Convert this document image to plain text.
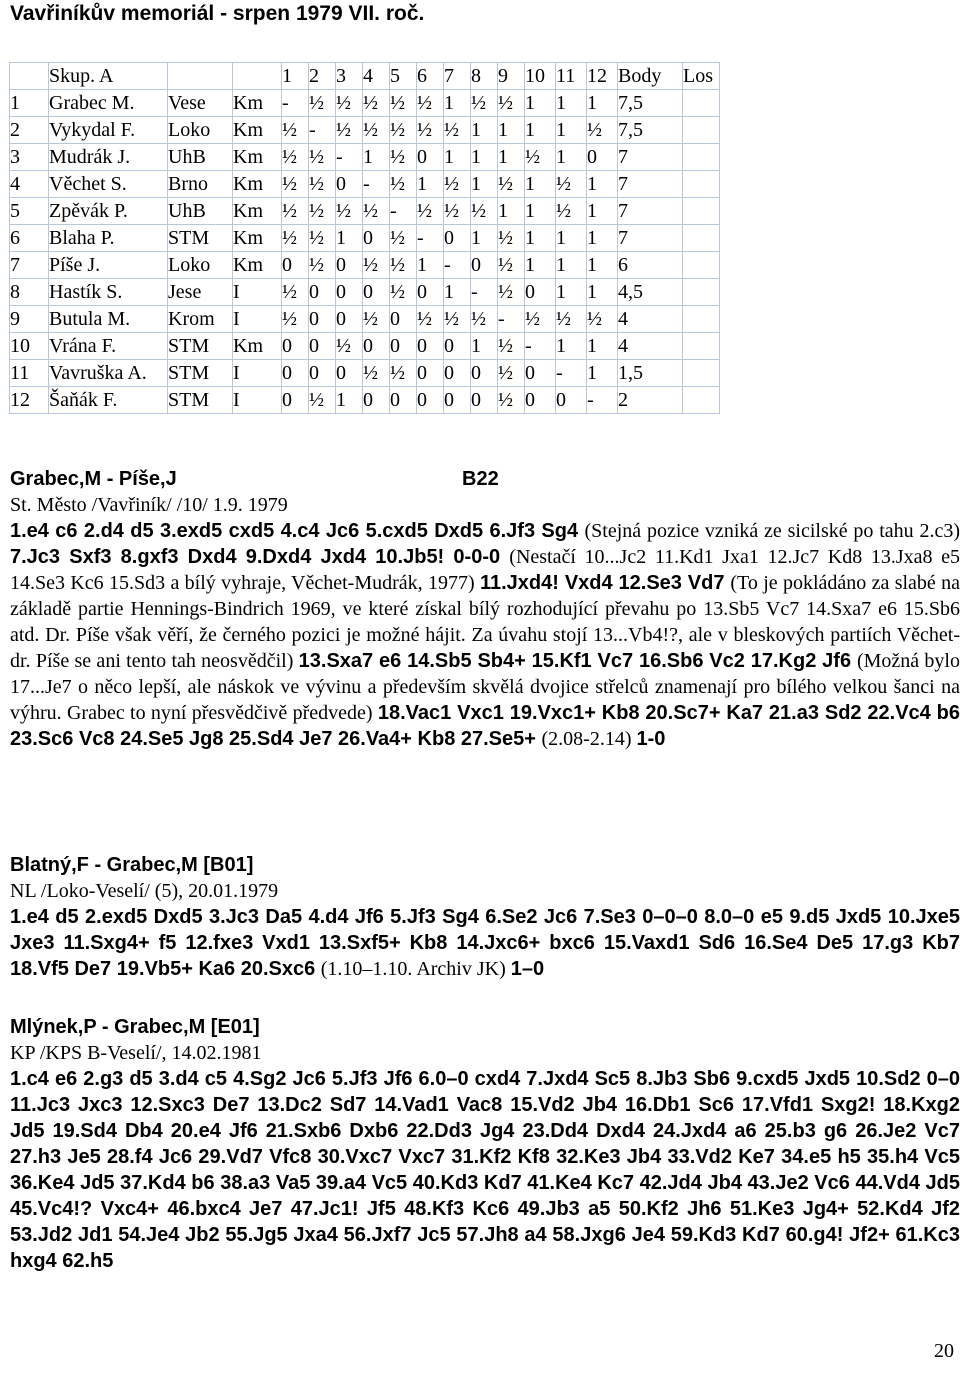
Vavřiníkův memoriál - srpen 1979 VII. roč.
	Skup. A			1	2	3	4	5	6	7	8	9	10	11	12	Body	Los
1	Grabec M.	Vese	Km	-	½	½	½	½	½	1	½	½	1	1	1	7,5	
2	Vykydal F.	Loko	Km	½	-	½	½	½	½	½	1	1	1	1	½	7,5	
3	Mudrák J.	UhB	Km	½	½	-	1	½	0	1	1	1	½	1	0	7	
4	Věchet S.	Brno	Km	½	½	0	-	½	1	½	1	½	1	½	1	7	
5	Zpěvák P.	UhB	Km	½	½	½	½	-	½	½	½	1	1	½	1	7	
6	Blaha P.	STM	Km	½	½	1	0	½	-	0	1	½	1	1	1	7	
7	Píše J.	Loko	Km	0	½	0	½	½	1	-	0	½	1	1	1	6	
8	Hastík S.	Jese	I	½	0	0	0	½	0	1	-	½	0	1	1	4,5	
9	Butula M.	Krom	I	½	0	0	½	0	½	½	½	-	½	½	½	4	
10	Vrána F.	STM	Km	0	0	½	0	0	0	0	1	½	-	1	1	4	
11	Vavruška A.	STM	I	0	0	0	½	½	0	0	0	½	0	-	1	1,5	
12	Šaňák F.	STM	I	0	½	1	0	0	0	0	0	½	0	0	-	2	
Grabec,M - Píše,J	B22
St. Město /Vavřiník/ /10/ 1.9. 1979
1.e4 c6 2.d4 d5 3.exd5 cxd5 4.c4 Jc6 5.cxd5 Dxd5 6.Jf3 Sg4 (Stejná pozice vzniká ze sicilské po tahu 2.c3) 7.Jc3 Sxf3 8.gxf3 Dxd4 9.Dxd4 Jxd4 10.Jb5! 0-0-0 (Nestačí 10...Jc2 11.Kd1 Jxa1 12.Jc7 Kd8 13.Jxa8 e5 14.Se3 Kc6 15.Sd3 a bílý vyhraje, Věchet-Mudrák, 1977) 11.Jxd4! Vxd4 12.Se3 Vd7 (To je pokládáno za slabé na základě partie Hennings-Bindrich 1969, ve které získal bílý rozhodující převahu po 13.Sb5 Vc7 14.Sxa7 e6 15.Sb6 atd. Dr. Píše však věří, že černého pozici je možné hájit. Za úvahu stojí 13...Vb4!?, ale v bleskových partiích Věchet-dr. Píše se ani tento tah neosvědčil) 13.Sxa7 e6 14.Sb5 Sb4+ 15.Kf1 Vc7 16.Sb6 Vc2 17.Kg2 Jf6 (Možná bylo 17...Je7 o něco lepší, ale náskok ve vývinu a především skvělá dvojice střelců znamenají pro bílého velkou šanci na výhru. Grabec to nyní přesvědčivě předvede) 18.Vac1 Vxc1 19.Vxc1+ Kb8 20.Sc7+ Ka7 21.a3 Sd2 22.Vc4 b6 23.Sc6 Vc8 24.Se5 Jg8 25.Sd4 Je7 26.Va4+ Kb8 27.Se5+ (2.08-2.14) 1-0
Blatný,F - Grabec,M [B01]
NL /Loko-Veselí/ (5), 20.01.1979
1.e4 d5 2.exd5 Dxd5 3.Jc3 Da5 4.d4 Jf6 5.Jf3 Sg4 6.Se2 Jc6 7.Se3 0–0–0 8.0–0 e5 9.d5 Jxd5 10.Jxe5 Jxe3 11.Sxg4+ f5 12.fxe3 Vxd1 13.Sxf5+ Kb8 14.Jxc6+ bxc6 15.Vaxd1 Sd6 16.Se4 De5 17.g3 Kb7 18.Vf5 De7 19.Vb5+ Ka6 20.Sxc6 (1.10–1.10. Archiv JK) 1–0
Mlýnek,P - Grabec,M [E01]
KP /KPS B-Veselí/, 14.02.1981
1.c4 e6 2.g3 d5 3.d4 c5 4.Sg2 Jc6 5.Jf3 Jf6 6.0–0 cxd4 7.Jxd4 Sc5 8.Jb3 Sb6 9.cxd5 Jxd5 10.Sd2 0–0 11.Jc3 Jxc3 12.Sxc3 De7 13.Dc2 Sd7 14.Vad1 Vac8 15.Vd2 Jb4 16.Db1 Sc6 17.Vfd1 Sxg2! 18.Kxg2 Jd5 19.Sd4 Db4 20.e4 Jf6 21.Sxb6 Dxb6 22.Dd3 Jg4 23.Dd4 Dxd4 24.Jxd4 a6 25.b3 g6 26.Je2 Vc7 27.h3 Je5 28.f4 Jc6 29.Vd7 Vfc8 30.Vxc7 Vxc7 31.Kf2 Kf8 32.Ke3 Jb4 33.Vd2 Ke7 34.e5 h5 35.h4 Vc5 36.Ke4 Jd5 37.Kd4 b6 38.a3 Va5 39.a4 Vc5 40.Kd3 Kd7 41.Ke4 Kc7 42.Jd4 Jb4 43.Je2 Vc6 44.Vd4 Jd5 45.Vc4!? Vxc4+ 46.bxc4 Je7 47.Jc1! Jf5 48.Kf3 Kc6 49.Jb3 a5 50.Kf2 Jh6 51.Ke3 Jg4+ 52.Kd4 Jf2 53.Jd2 Jd1 54.Je4 Jb2 55.Jg5 Jxa4 56.Jxf7 Jc5 57.Jh8 a4 58.Jxg6 Je4 59.Kd3 Kd7 60.g4! Jf2+ 61.Kc3 hxg4 62.h5
20
